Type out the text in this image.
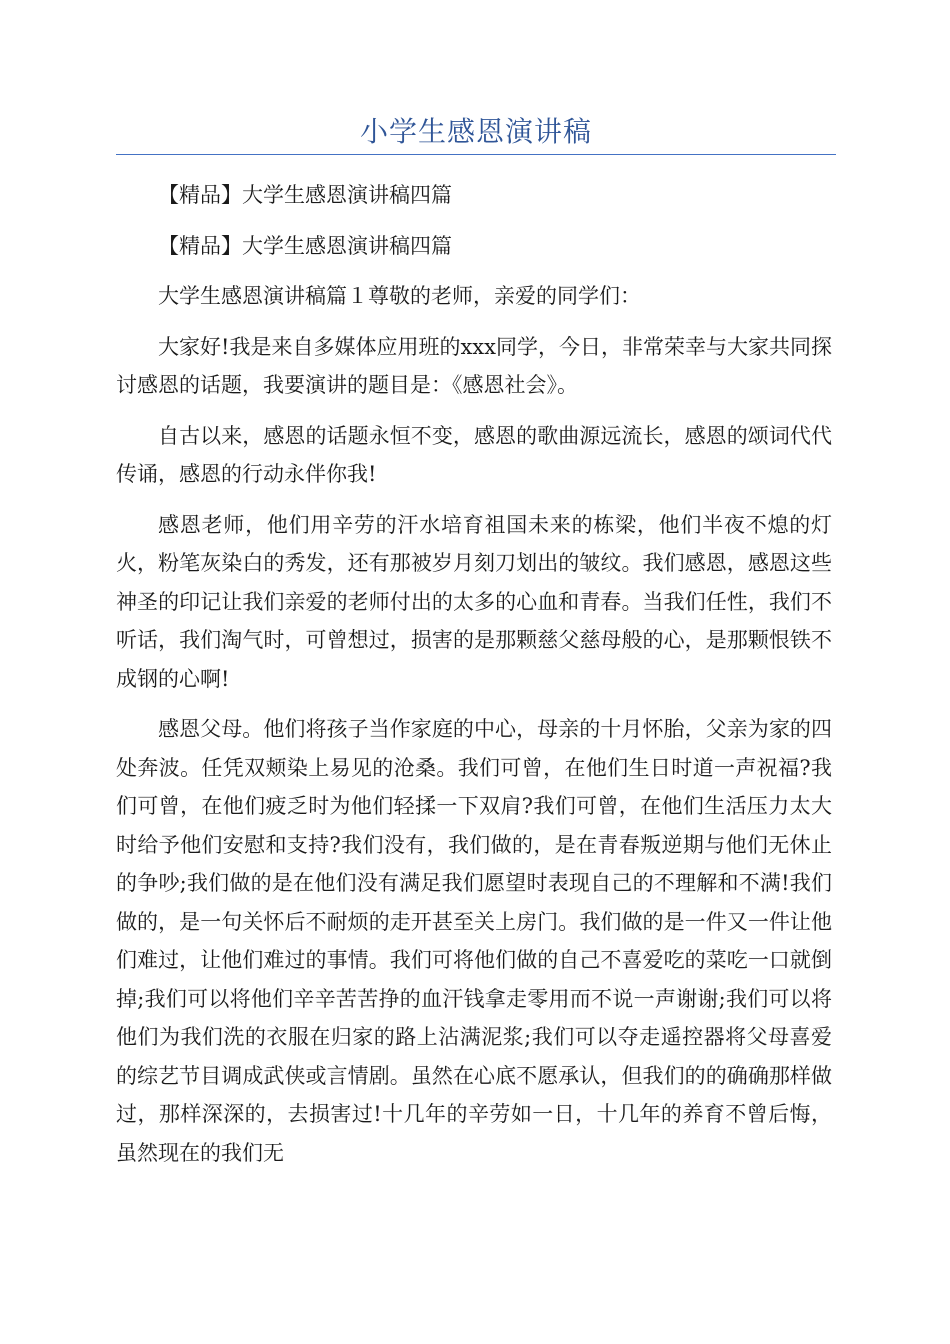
小学生感恩演讲稿

【精品】大学生感恩演讲稿四篇

【精品】大学生感恩演讲稿四篇

大学生感恩演讲稿篇１尊敬的老师，亲爱的同学们：

大家好!我是来自多媒体应用班的xxx同学，今日，非常荣幸与大家共同探讨感恩的话题，我要演讲的题目是：《感恩社会》。

自古以来，感恩的话题永恒不变，感恩的歌曲源远流长，感恩的颂词代代传诵，感恩的行动永伴你我!

感恩老师，他们用辛劳的汗水培育祖国未来的栋梁，他们半夜不熄的灯火，粉笔灰染白的秀发，还有那被岁月刻刀划出的皱纹。我们感恩，感恩这些神圣的印记让我们亲爱的老师付出的太多的心血和青春。当我们任性，我们不听话，我们淘气时，可曾想过，损害的是那颗慈父慈母般的心，是那颗恨铁不成钢的心啊!

感恩父母。他们将孩子当作家庭的中心，母亲的十月怀胎，父亲为家的四处奔波。任凭双颊染上易见的沧桑。我们可曾，在他们生日时道一声祝福?我们可曾，在他们疲乏时为他们轻揉一下双肩?我们可曾，在他们生活压力太大时给予他们安慰和支持?我们没有，我们做的，是在青春叛逆期与他们无休止的争吵;我们做的是在他们没有满足我们愿望时表现自己的不理解和不满!我们做的，是一句关怀后不耐烦的走开甚至关上房门。我们做的是一件又一件让他们难过，让他们难过的事情。我们可将他们做的自己不喜爱吃的菜吃一口就倒掉;我们可以将他们辛辛苦苦挣的血汗钱拿走零用而不说一声谢谢;我们可以将他们为我们洗的衣服在归家的路上沾满泥浆;我们可以夺走遥控器将父母喜爱的综艺节目调成武侠或言情剧。虽然在心底不愿承认，但我们的的确确那样做过，那样深深的，去损害过!十几年的辛劳如一日，十几年的养育不曾后悔，虽然现在的我们无
